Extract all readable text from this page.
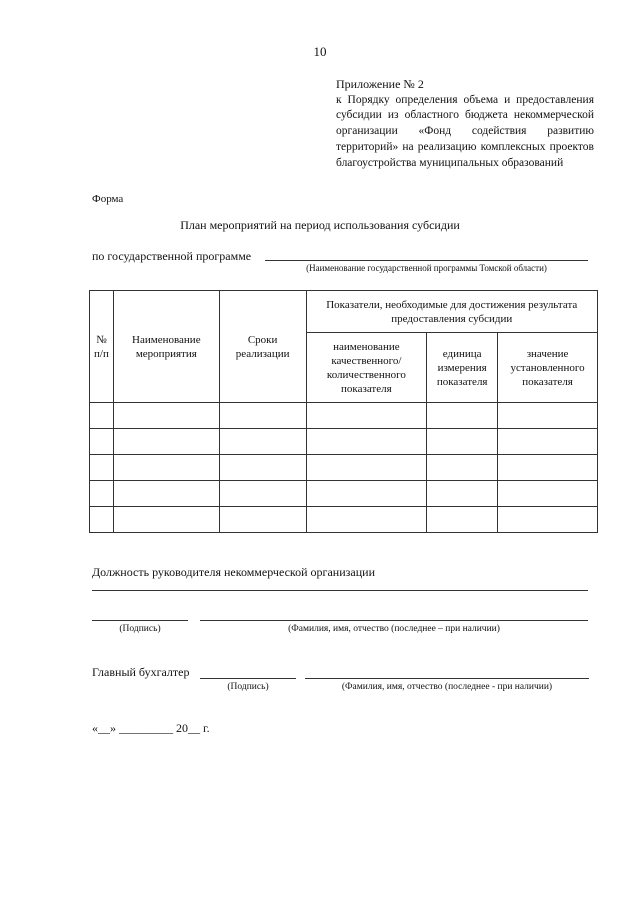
10
Приложение № 2
к Порядку определения объема и предоставления субсидии из областного бюджета некоммерческой организации «Фонд содействия развитию территорий» на реализацию комплексных проектов благоустройства муниципальных образований
Форма
План мероприятий на период использования субсидии
по государственной программе
(Наименование государственной программы Томской области)
№ п/п	Наименование мероприятия	Сроки реализации	Показатели, необходимые для достижения результата предоставления субсидии		
			наименование качественного/ количественного показателя	единица измерения показателя	значение установленного показателя

Должность руководителя некоммерческой организации
(Подпись)	(Фамилия, имя, отчество (последнее – при наличии)
Главный бухгалтер
(Подпись)	(Фамилия, имя, отчество (последнее - при наличии)
«__» _________ 20__ г.
